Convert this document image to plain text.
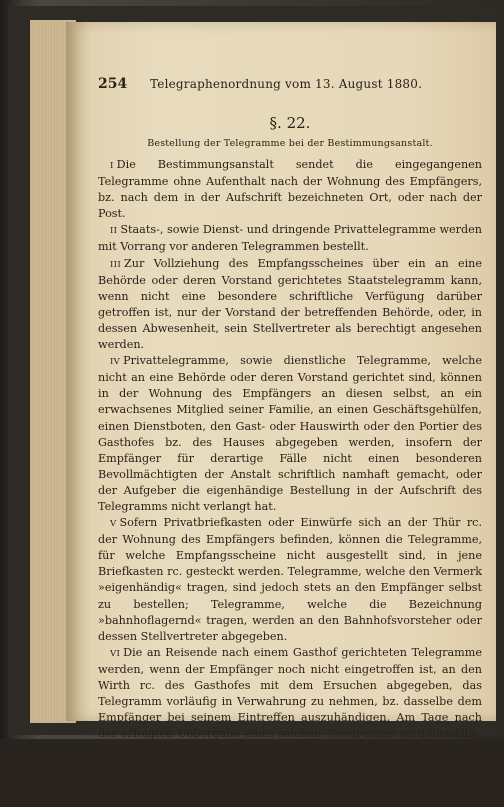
254	Telegraphenordnung vom 13. August 1880.
§. 22.
Bestellung der Telegramme bei der Bestimmungsanstalt.

I Die Bestimmungsanstalt sendet die eingegangenen Telegramme ohne Aufenthalt nach der Wohnung des Empfängers, bz. nach dem in der Aufschrift bezeichneten Ort, oder nach der Post.

II Staats-, sowie Dienst- und dringende Privattelegramme werden mit Vorrang vor anderen Telegrammen bestellt.

III Zur Vollziehung des Empfangsscheines über ein an eine Behörde oder deren Vorstand gerichtetes Staatstelegramm kann, wenn nicht eine besondere schriftliche Verfügung darüber getroffen ist, nur der Vorstand der betreffenden Behörde, oder, in dessen Abwesenheit, sein Stellvertreter als berechtigt angesehen werden.

IV Privattelegramme, sowie dienstliche Telegramme, welche nicht an eine Behörde oder deren Vorstand gerichtet sind, können in der Wohnung des Empfängers an diesen selbst, an ein erwachsenes Mitglied seiner Familie, an einen Geschäftsgehülfen, einen Dienstboten, den Gast- oder Hauswirth oder den Portier des Gasthofes bz. des Hauses abgegeben werden, insofern der Empfänger für derartige Fälle nicht einen besonderen Bevollmächtigten der Anstalt schriftlich namhaft gemacht, oder der Aufgeber die eigenhändige Bestellung in der Aufschrift des Telegramms nicht verlangt hat.

V Sofern Privatbriefkasten oder Einwürfe sich an der Thür rc. der Wohnung des Empfängers befinden, können die Telegramme, für welche Empfangsscheine nicht ausgestellt sind, in jene Briefkasten rc. gesteckt werden. Telegramme, welche den Vermerk »eigenhändig« tragen, sind jedoch stets an den Empfänger selbst zu bestellen; Telegramme, welche die Bezeichnung »bahnhoflagernd« tragen, werden an den Bahnhofsvorsteher oder dessen Stellvertreter abgegeben.

VI Die an Reisende nach einem Gasthof gerichteten Telegramme werden, wenn der Empfänger noch nicht eingetroffen ist, an den Wirth rc. des Gasthofes mit dem Ersuchen abgegeben, das Telegramm vorläufig in Verwahrung zu nehmen, bz. dasselbe dem Empfänger bei seinem Eintreffen auszuhändigen. Am Tage nach der erfolgten Uebergabe eines solchen Telegramms wird dasselbe, wenn die Uebergabe an den Empfänger inzwischen nicht hat bewirkt werden können, durch einen Boten gegen Hinterlassung eines Benachrichtigungszettels wieder abgeholt und zur Verkehrsanstalt zurückgebracht.
